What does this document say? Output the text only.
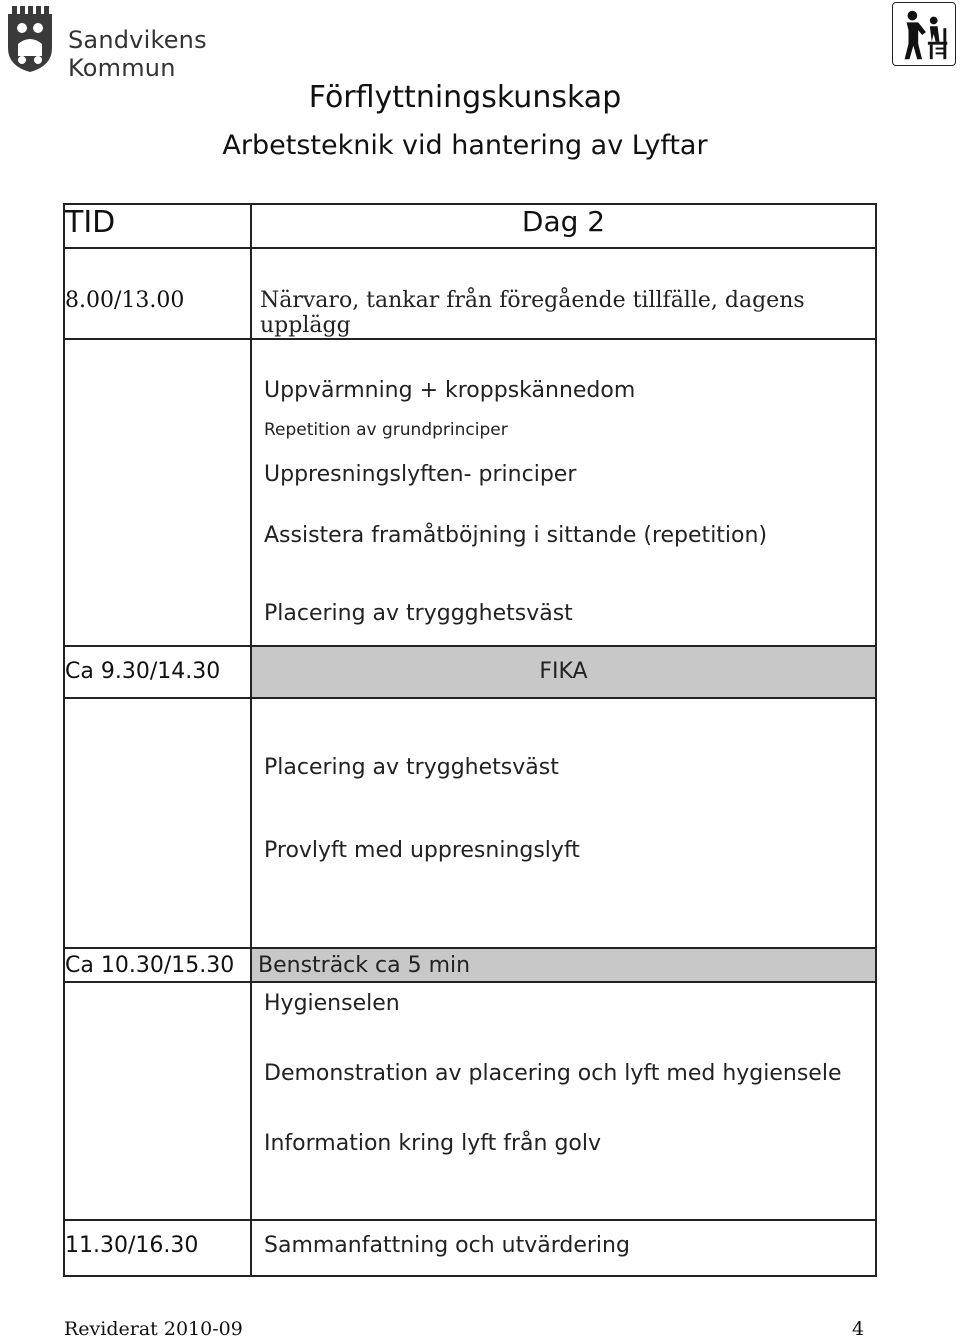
Sandvikens Kommun
Förflyttningskunskap
Arbetsteknik vid hantering av Lyftar
TID	Dag 2

8.00/13.00	Närvaro, tankar från föregående tillfälle, dagens upplägg

	Uppvärmning + kroppskännedom
Repetition av grundprinciper
Uppresningslyften- principer
Assistera framåtböjning i sittande (repetition)
Placering av tryggghetsväst

Ca 9.30/14.30	FIKA

	Placering av trygghetsväst
Provlyft med uppresningslyft

Ca 10.30/15.30	Bensträck ca 5 min

	Hygienselen
Demonstration av placering och lyft med hygiensele
Information kring lyft från golv

11.30/16.30	Sammanfattning och utvärdering
Reviderat 2010-09	4
